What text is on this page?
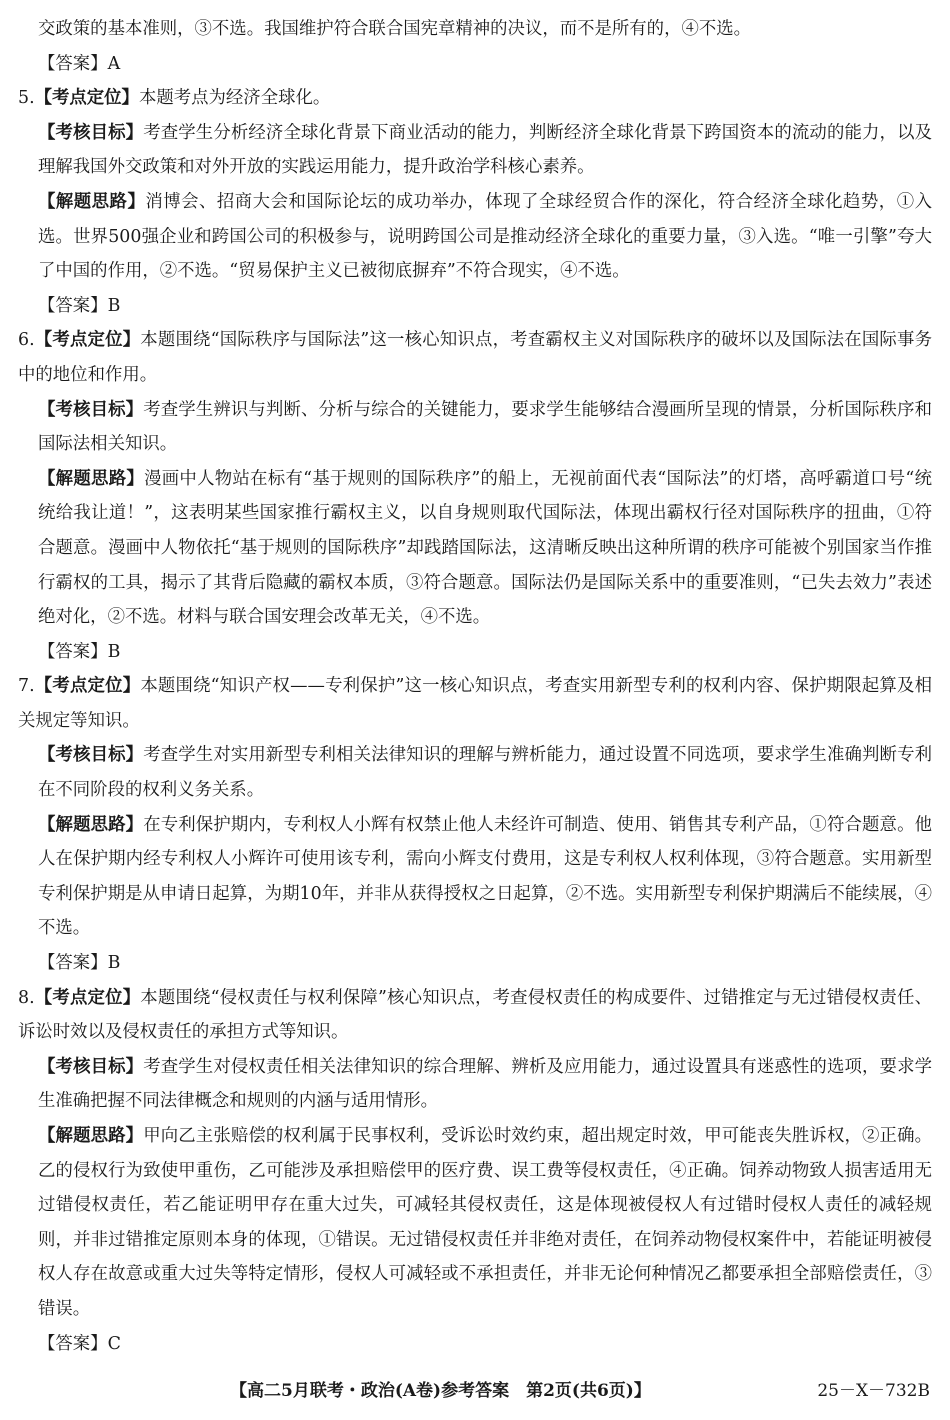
交政策的基本准则，③不选。我国维护符合联合国宪章精神的决议，而不是所有的，④不选。

【答案】A

5.【考点定位】本题考点为经济全球化。

【考核目标】考查学生分析经济全球化背景下商业活动的能力，判断经济全球化背景下跨国资本的流动的能力，以及理解我国外交政策和对外开放的实践运用能力，提升政治学科核心素养。

【解题思路】消博会、招商大会和国际论坛的成功举办，体现了全球经贸合作的深化，符合经济全球化趋势，①入选。世界500强企业和跨国公司的积极参与，说明跨国公司是推动经济全球化的重要力量，③入选。“唯一引擎”夸大了中国的作用，②不选。“贸易保护主义已被彻底摒弃”不符合现实，④不选。

【答案】B

6.【考点定位】本题围绕“国际秩序与国际法”这一核心知识点，考查霸权主义对国际秩序的破坏以及国际法在国际事务中的地位和作用。

【考核目标】考查学生辨识与判断、分析与综合的关键能力，要求学生能够结合漫画所呈现的情景，分析国际秩序和国际法相关知识。

【解题思路】漫画中人物站在标有“基于规则的国际秩序”的船上，无视前面代表“国际法”的灯塔，高呼霸道口号“统统给我让道！”，这表明某些国家推行霸权主义，以自身规则取代国际法，体现出霸权行径对国际秩序的扭曲，①符合题意。漫画中人物依托“基于规则的国际秩序”却践踏国际法，这清晰反映出这种所谓的秩序可能被个别国家当作推行霸权的工具，揭示了其背后隐藏的霸权本质，③符合题意。国际法仍是国际关系中的重要准则，“已失去效力”表述绝对化，②不选。材料与联合国安理会改革无关，④不选。

【答案】B

7.【考点定位】本题围绕“知识产权——专利保护”这一核心知识点，考查实用新型专利的权利内容、保护期限起算及相关规定等知识。

【考核目标】考查学生对实用新型专利相关法律知识的理解与辨析能力，通过设置不同选项，要求学生准确判断专利在不同阶段的权利义务关系。

【解题思路】在专利保护期内，专利权人小辉有权禁止他人未经许可制造、使用、销售其专利产品，①符合题意。他人在保护期内经专利权人小辉许可使用该专利，需向小辉支付费用，这是专利权人权利体现，③符合题意。实用新型专利保护期是从申请日起算，为期10年，并非从获得授权之日起算，②不选。实用新型专利保护期满后不能续展，④不选。

【答案】B

8.【考点定位】本题围绕“侵权责任与权利保障”核心知识点，考查侵权责任的构成要件、过错推定与无过错侵权责任、诉讼时效以及侵权责任的承担方式等知识。

【考核目标】考查学生对侵权责任相关法律知识的综合理解、辨析及应用能力，通过设置具有迷惑性的选项，要求学生准确把握不同法律概念和规则的内涵与适用情形。

【解题思路】甲向乙主张赔偿的权利属于民事权利，受诉讼时效约束，超出规定时效，甲可能丧失胜诉权，②正确。乙的侵权行为致使甲重伤，乙可能涉及承担赔偿甲的医疗费、误工费等侵权责任，④正确。饲养动物致人损害适用无过错侵权责任，若乙能证明甲存在重大过失，可减轻其侵权责任，这是体现被侵权人有过错时侵权人责任的减轻规则，并非过错推定原则本身的体现，①错误。无过错侵权责任并非绝对责任，在饲养动物侵权案件中，若能证明被侵权人存在故意或重大过失等特定情形，侵权人可减轻或不承担责任，并非无论何种情况乙都要承担全部赔偿责任，③错误。

【答案】C

【高二5月联考・政治(A卷)参考答案　第2页(共6页)】	25－X－732B
